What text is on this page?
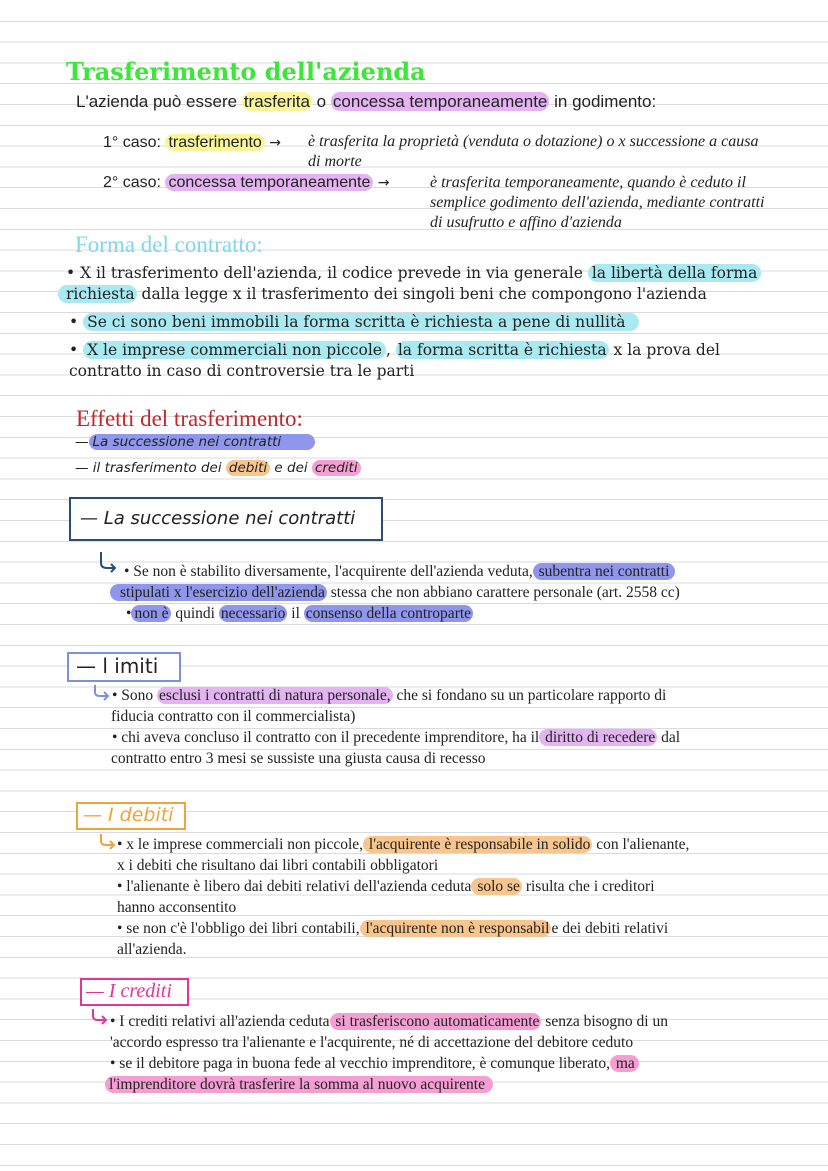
Trasferimento dell'azienda
L'azienda può essere trasferita o concessa temporaneamente in godimento:
1° caso: trasferimento → è trasferita la proprietà (venduta o dotazione) o x successione a causa
di morte
2° caso: concessa temporaneamente →	è trasferita temporaneamente, quando è ceduto il
semplice godimento dell'azienda, mediante contratti
di usufrutto e affino d'azienda
Forma del contratto:
• X il trasferimento dell'azienda, il codice prevede in via generale la libertà della forma
richiesta dalla legge x il trasferimento dei singoli beni che compongono l'azienda
• Se ci sono beni immobili la forma scritta è richiesta a pene di nullità
• X le imprese commerciali non piccole , la forma scritta è richiesta x la prova del
contratto in caso di controversie tra le parti
Effetti del trasferimento:
— La successione nei contratti
— il trasferimento dei debiti e dei crediti
— La successione nei contratti
• Se non è stabilito diversamente, l'acquirente dell'azienda veduta, subentra nei contratti
stipulati x l'esercizio dell'azienda stessa che non abbiano carattere personale (art. 2558 cc)
• non è quindi necessario il consenso della controparte
— l imiti
• Sono esclusi i contratti di natura personale, che si fondano su un particolare rapporto di
fiducia contratto con il commercialista)
• chi aveva concluso il contratto con il precedente imprenditore, ha il diritto di recedere dal
contratto entro 3 mesi se sussiste una giusta causa di recesso
— I debiti
• x le imprese commerciali non piccole, l'acquirente è responsabile in solido con l'alienante,
x i debiti che risultano dai libri contabili obbligatori
• l'alienante è libero dai debiti relativi dell'azienda ceduta solo se risulta che i creditori
hanno acconsentito
• se non c'è l'obbligo dei libri contabili, l'acquirente non è responsabil e dei debiti relativi
all'azienda.
— I crediti
• I crediti relativi all'azienda ceduta si trasferiscono automaticamente senza bisogno di un
'accordo espresso tra l'alienante e l'acquirente, né di accettazione del debitore ceduto
• se il debitore paga in buona fede al vecchio imprenditore, è comunque liberato, ma
l'imprenditore dovrà trasferire la somma al nuovo acquirente
